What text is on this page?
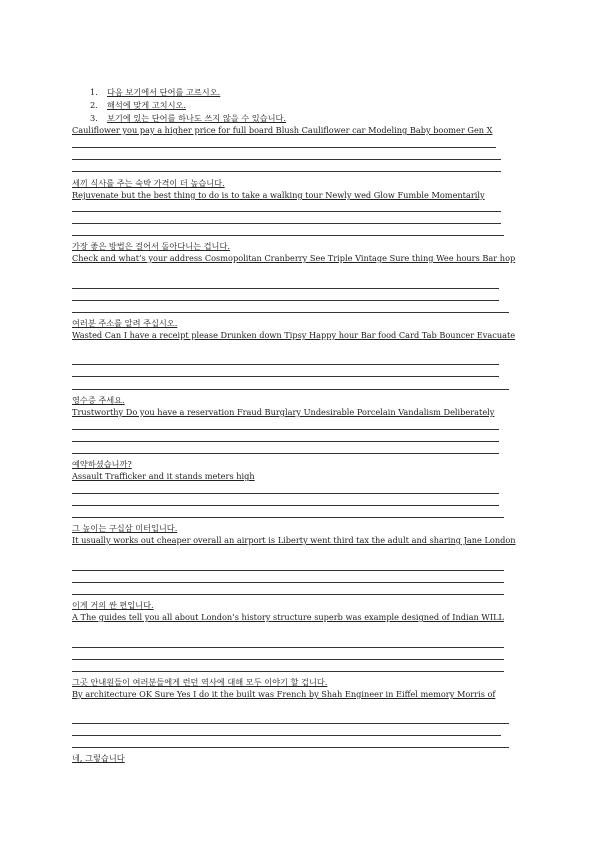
1. 다음 보기에서 단어를 고르시오.
2. 해석에 맞게 고치시오.
3. 보기에 있는 단어를 하나도 쓰지 않을 수 있습니다.
Cauliflower you pay a higher price for full board Blush Cauliflower car Modeling Baby boomer Gen X
세끼 식사를 주는 숙박 가격이 더 높습니다.
Rejuvenate but the best thing to do is to take a walking tour Newly wed Glow Fumble Momentarily
가장 좋은 방법은 걸어서 돌아다니는 겁니다.
Check and what’s your address Cosmopolitan Cranberry See Triple Vintage Sure thing Wee hours Bar hop
여러분 주소를 알려 주십시오.
Wasted Can I have a receipt please Drunken down Tipsy Happy hour Bar food Card Tab Bouncer Evacuate
영수증 주세요.
Trustworthy Do you have a reservation Fraud Burglary Undesirable Porcelain Vandalism Deliberately
예약하셨습니까?
Assault Trafficker and it stands meters high
그 높이는 구십삼 미터입니다.
It usually works out cheaper overall an airport is Liberty went third tax the adult and sharing Jane London
이게 거의 싼 편입니다.
A The guides tell you all about London’s history structure superb was example designed of Indian WILL
그곳 안내원들이 여러분들에게 런던 역사에 대해 모두 이야기 할 겁니다.
By architecture OK Sure Yes I do it the built was French by Shah Engineer in Eiffel memory Morris of
네, 그렇습니다
